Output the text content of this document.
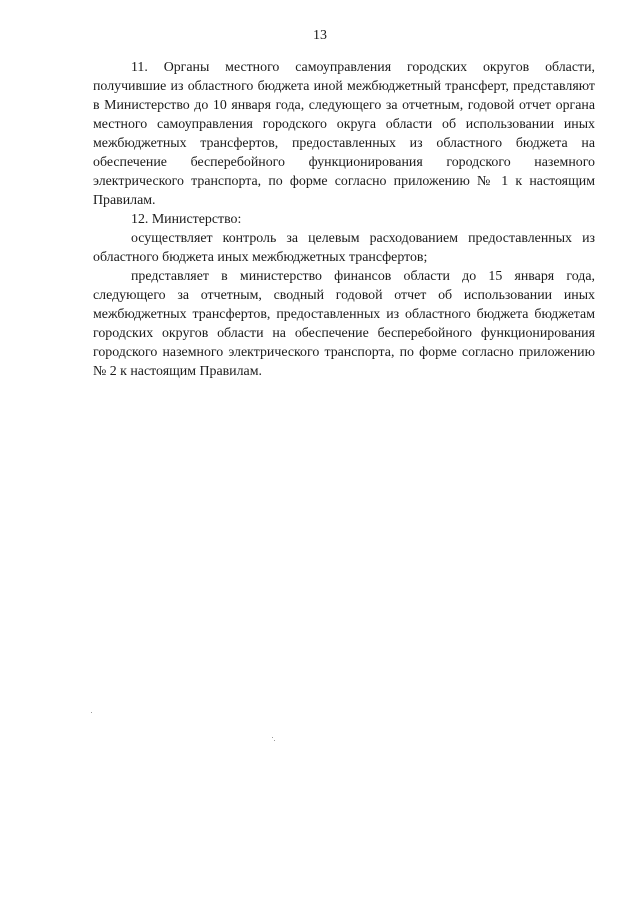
13

11. Органы местного самоуправления городских округов области, получившие из областного бюджета иной межбюджетный трансферт, представляют в Министерство до 10 января года, следующего за отчетным, годовой отчет органа местного самоуправления городского округа области об использовании иных межбюджетных трансфертов, предоставленных из областного бюджета на обеспечение бесперебойного функционирования городского наземного электрического транспорта, по форме согласно приложению № 1 к настоящим Правилам.

12. Министерство:

осуществляет контроль за целевым расходованием предоставленных из областного бюджета иных межбюджетных трансфертов;

представляет в министерство финансов области до 15 января года, следующего за отчетным, сводный годовой отчет об использовании иных межбюджетных трансфертов, предоставленных из областного бюджета бюджетам городских округов области на обеспечение бесперебойного функционирования городского наземного электрического транспорта, по форме согласно приложению № 2 к настоящим Правилам.
